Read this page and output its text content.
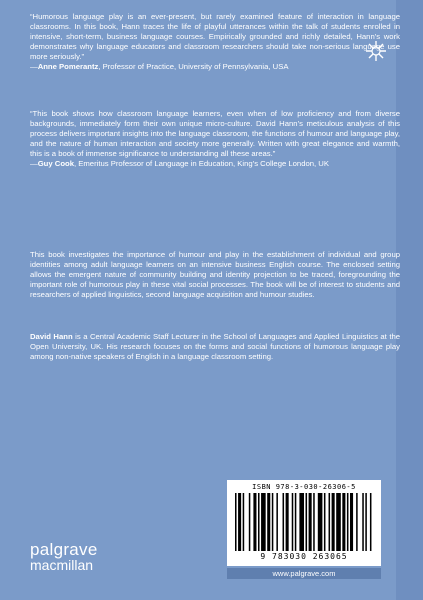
“Humorous language play is an ever-present, but rarely examined feature of interaction in language classrooms. In this book, Hann traces the life of playful utterances within the talk of students enrolled in intensive, short-term, business language courses. Empirically grounded and richly detailed, Hann’s work demonstrates why language educators and classroom researchers should take non-serious language use more seriously.”

—Anne Pomerantz, Professor of Practice, University of Pennsylvania, USA

“This book shows how classroom language learners, even when of low proficiency and from diverse backgrounds, immediately form their own unique micro-culture. David Hann’s meticulous analysis of this process delivers important insights into the language classroom, the functions of humour and language play, and the nature of human interaction and society more generally. Written with great elegance and warmth, this is a book of immense significance to understanding all these areas.”

—Guy Cook, Emeritus Professor of Language in Education, King’s College London, UK

This book investigates the importance of humour and play in the establishment of individual and group identities among adult language learners on an intensive business English course. The enclosed setting allows the emergent nature of community building and identity projection to be traced, foregrounding the important role of humorous play in these vital social processes. The book will be of interest to students and researchers of applied linguistics, second language acquisition and humour studies.

David Hann is a Central Academic Staff Lecturer in the School of Languages and Applied Linguistics at the Open University, UK. His research focuses on the forms and social functions of humorous language play among non-native speakers of English in a language classroom setting.

ISBN 978-3-030-26306-5
9 783030 263065
www.palgrave.com
palgrave
macmillan
